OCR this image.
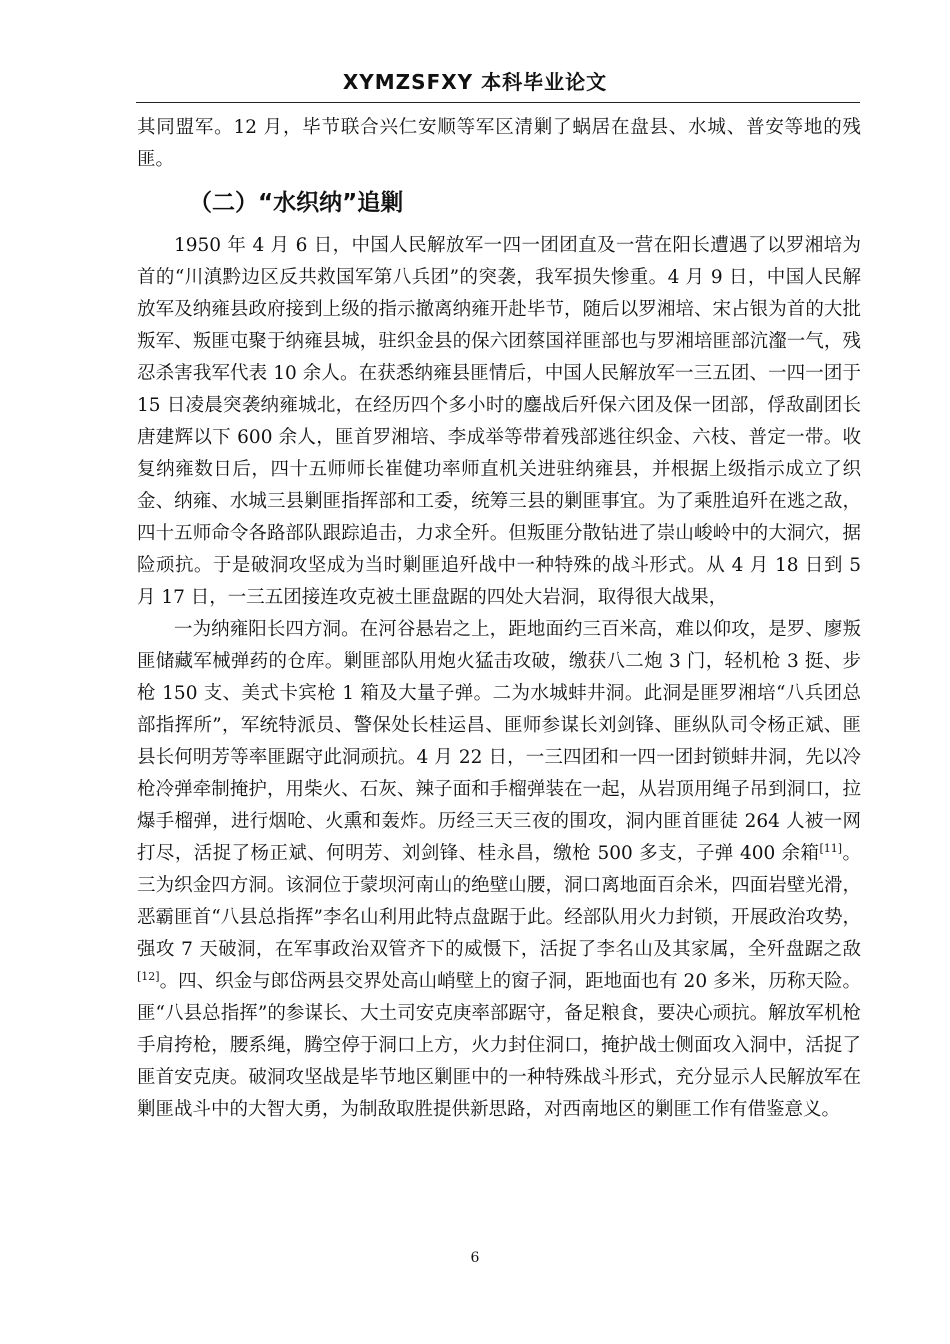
XYMZSFXY 本科毕业论文

其同盟军。12 月，毕节联合兴仁安顺等军区清剿了蜗居在盘县、水城、普安等地的残匪。

（二）“水织纳”追剿

1950 年 4 月 6 日，中国人民解放军一四一团团直及一营在阳长遭遇了以罗湘培为首的“川滇黔边区反共救国军第八兵团”的突袭，我军损失惨重。4 月 9 日，中国人民解放军及纳雍县政府接到上级的指示撤离纳雍开赴毕节，随后以罗湘培、宋占银为首的大批叛军、叛匪屯聚于纳雍县城，驻织金县的保六团蔡国祥匪部也与罗湘培匪部沆瀣一气，残忍杀害我军代表 10 余人。在获悉纳雍县匪情后，中国人民解放军一三五团、一四一团于 15 日凌晨突袭纳雍城北，在经历四个多小时的鏖战后歼保六团及保一团部，俘敌副团长唐建辉以下 600 余人，匪首罗湘培、李成举等带着残部逃往织金、六枝、普定一带。收复纳雍数日后，四十五师师长崔健功率师直机关进驻纳雍县，并根据上级指示成立了织金、纳雍、水城三县剿匪指挥部和工委，统筹三县的剿匪事宜。为了乘胜追歼在逃之敌，四十五师命令各路部队跟踪追击，力求全歼。但叛匪分散钻进了崇山峻岭中的大洞穴，据险顽抗。于是破洞攻坚成为当时剿匪追歼战中一种特殊的战斗形式。从 4 月 18 日到 5 月 17 日，一三五团接连攻克被土匪盘踞的四处大岩洞，取得很大战果，

一为纳雍阳长四方洞。在河谷悬岩之上，距地面约三百米高，难以仰攻，是罗、廖叛匪储藏军械弹药的仓库。剿匪部队用炮火猛击攻破，缴获八二炮 3 门，轻机枪 3 挺、步枪 150 支、美式卡宾枪 1 箱及大量子弹。二为水城蚌井洞。此洞是匪罗湘培“八兵团总部指挥所”，军统特派员、警保处长桂运昌、匪师参谋长刘剑锋、匪纵队司令杨正斌、匪县长何明芳等率匪踞守此洞顽抗。4 月 22 日，一三四团和一四一团封锁蚌井洞，先以冷枪冷弹牵制掩护，用柴火、石灰、辣子面和手榴弹装在一起，从岩顶用绳子吊到洞口，拉爆手榴弹，进行烟呛、火熏和轰炸。历经三天三夜的围攻，洞内匪首匪徒 264 人被一网打尽，活捉了杨正斌、何明芳、刘剑锋、桂永昌，缴枪 500 多支，子弹 400 余箱[11]。三为织金四方洞。该洞位于蒙坝河南山的绝壁山腰，洞口离地面百余米，四面岩壁光滑，恶霸匪首“八县总指挥”李名山利用此特点盘踞于此。经部队用火力封锁，开展政治攻势，强攻 7 天破洞，在军事政治双管齐下的威慑下，活捉了李名山及其家属，全歼盘踞之敌[12]。四、织金与郎岱两县交界处高山峭壁上的窗子洞，距地面也有 20 多米，历称天险。匪“八县总指挥”的参谋长、大土司安克庚率部踞守，备足粮食，要决心顽抗。解放军机枪手肩挎枪，腰系绳，腾空停于洞口上方，火力封住洞口，掩护战士侧面攻入洞中，活捉了匪首安克庚。破洞攻坚战是毕节地区剿匪中的一种特殊战斗形式，充分显示人民解放军在剿匪战斗中的大智大勇，为制敌取胜提供新思路，对西南地区的剿匪工作有借鉴意义。

6
